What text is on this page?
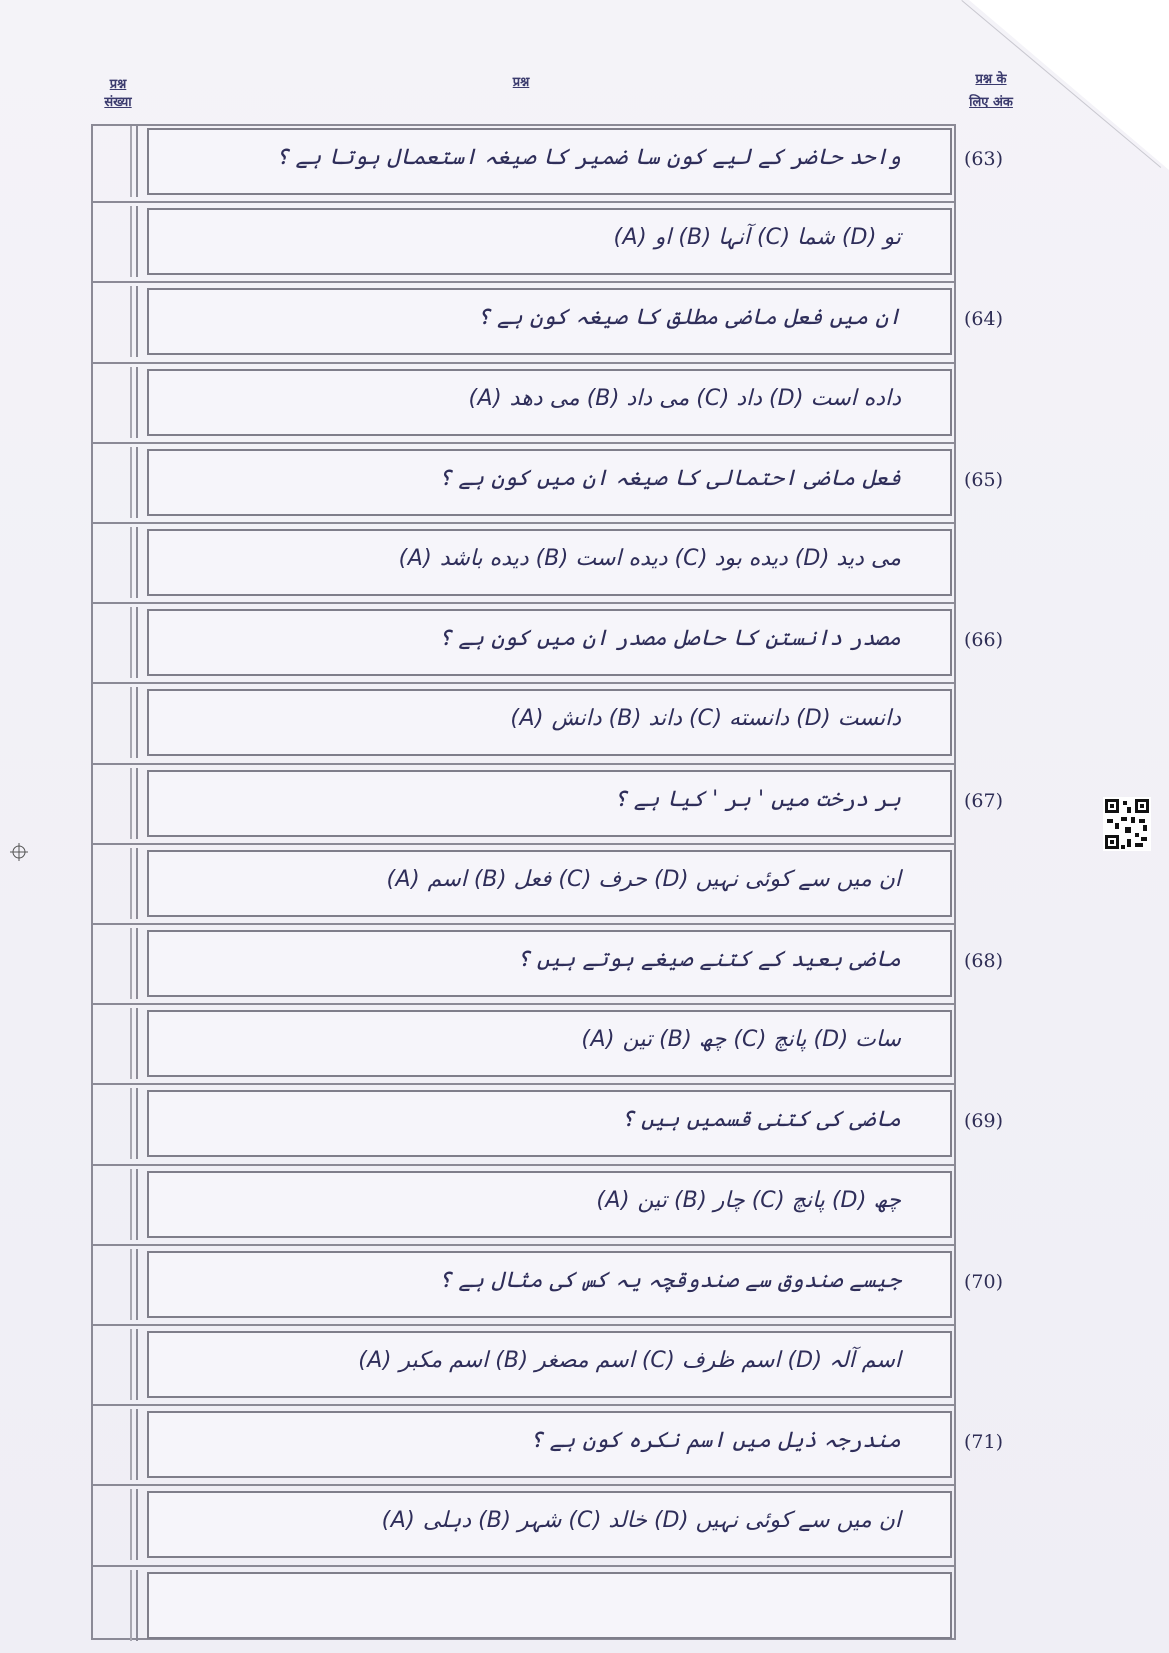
प्रश्न
संख्या
प्रश्न	प्रश्न के
लिए अंक
(63)
واحد حاضر کے لیے کون سا ضمیر کا صیغہ استعمال ہوتا ہے ؟
(A) او (B) آنہا (C) شما (D) تو
(64)
ان میں فعل ماضی مطلق کا صیغہ کون ہے ؟
(A) می دهد (B) می داد (C) داد (D) داده است
(65)
فعل ماضی احتمالی کا صیغہ ان میں کون ہے ؟
(A) دیده باشد (B) دیده است (C) دیده بود (D) می دید
(66)
مصدر دانستن کا حاصل مصدر ان میں کون ہے ؟
(A) دانش (B) داند (C) دانسته (D) دانست
(67)
بر درخت میں ' بر ' کیا ہے ؟
(A) اسم (B) فعل (C) حرف (D) ان میں سے کوئی نہیں
(68)
ماضی بعید کے کتنے صیغے ہوتے ہیں ؟
(A) تین (B) چھ (C) پانچ (D) سات
(69)
ماضی کی کتنی قسمیں ہیں ؟
(A) تین (B) چار (C) پانچ (D) چھ
(70)
جیسے صندوق سے صندوقچہ یہ کس کی مثال ہے ؟
(A) اسم مکبر (B) اسم مصغر (C) اسم ظرف (D) اسم آلہ
(71)
مندرجہ ذیل میں اسم نکرہ کون ہے ؟
(A) دہلی (B) شہر (C) خالد (D) ان میں سے کوئی نہیں
